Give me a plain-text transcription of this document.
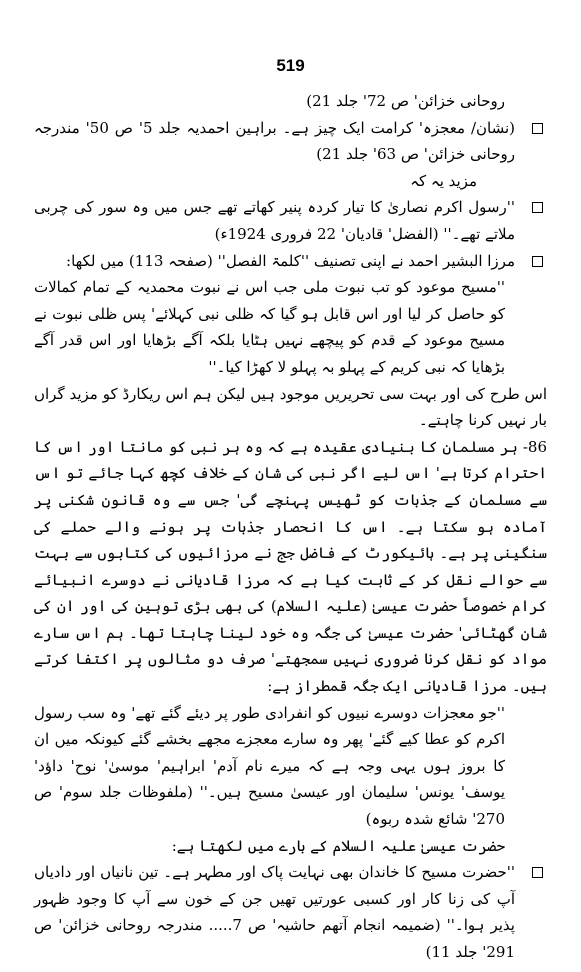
519

روحانی خزائن' ص 72' جلد 21)

(نشان/ معجزہ' کرامت ایک چیز ہے۔ براہین احمدیہ جلد 5' ص 50' مندرجہ روحانی خزائن' ص 63' جلد 21)

مزید یہ کہ

''رسول اکرم نصاریٰ کا تیار کردہ پنیر کھاتے تھے جس میں وہ سور کی چربی ملاتے تھے۔'' (الفضل' قادیان' 22 فروری 1924ء)

مرزا البشیر احمد نے اپنی تصنیف ''کلمۃ الفصل'' (صفحہ 113) میں لکھا:

''مسیح موعود کو تب نبوت ملی جب اس نے نبوت محمدیہ کے تمام کمالات کو حاصل کر لیا اور اس قابل ہو گیا کہ ظلی نبی کہلائے' پس ظلی نبوت نے مسیح موعود کے قدم کو پیچھے نہیں ہٹایا بلکہ آگے بڑھایا اور اس قدر آگے بڑھایا کہ نبی کریم کے پہلو بہ پہلو لا کھڑا کیا۔''

اس طرح کی اور بہت سی تحریریں موجود ہیں لیکن ہم اس ریکارڈ کو مزید گراں بار نہیں کرنا چاہتے۔

86- ہر مسلمان کا بنیادی عقیدہ ہے کہ وہ ہر نبی کو مانتا اور اس کا احترام کرتا ہے' اس لیے اگر نبی کی شان کے خلاف کچھ کہا جائے تو اس سے مسلمان کے جذبات کو ٹھیس پہنچے گی' جس سے وہ قانون شکنی پر آمادہ ہو سکتا ہے۔ اس کا انحصار جذبات پر ہونے والے حملے کی سنگینی پر ہے۔ ہائیکورٹ کے فاضل جج نے مرزائیوں کی کتابوں سے بہت سے حوالے نقل کر کے ثابت کیا ہے کہ مرزا قادیانی نے دوسرے انبیائے کرام خصوصاً حضرت عیسیٰ (علیہ السلام) کی بھی بڑی توہین کی اور ان کی شان گھٹائی' حضرت عیسیٰ کی جگہ وہ خود لینا چاہتا تھا۔ ہم اس سارے مواد کو نقل کرنا ضروری نہیں سمجھتے' صرف دو مثالوں پر اکتفا کرتے ہیں۔ مرزا قادیانی ایک جگہ قمطراز ہے:

''جو معجزات دوسرے نبیوں کو انفرادی طور پر دیئے گئے تھے' وہ سب رسول اکرم کو عطا کیے گئے' پھر وہ سارے معجزے مجھے بخشے گئے کیونکہ میں ان کا بروز ہوں یہی وجہ ہے کہ میرے نام آدم' ابراہیم' موسیٰ' نوح' داؤد' یوسف' یونس' سلیمان اور عیسیٰ مسیح ہیں۔'' (ملفوظات جلد سوم' ص 270' شائع شدہ ربوہ)

حضرت عیسیٰ علیہ السلام کے بارے میں لکھتا ہے:

''حضرت مسیح کا خاندان بھی نہایت پاک اور مطہر ہے۔ تین نانیاں اور دادیاں آپ کی زنا کار اور کسبی عورتیں تھیں جن کے خون سے آپ کا وجود ظہور پذیر ہوا۔'' (ضمیمہ انجام آتھم حاشیہ' ص 7..... مندرجہ روحانی خزائن' ص 291' جلد 11)
